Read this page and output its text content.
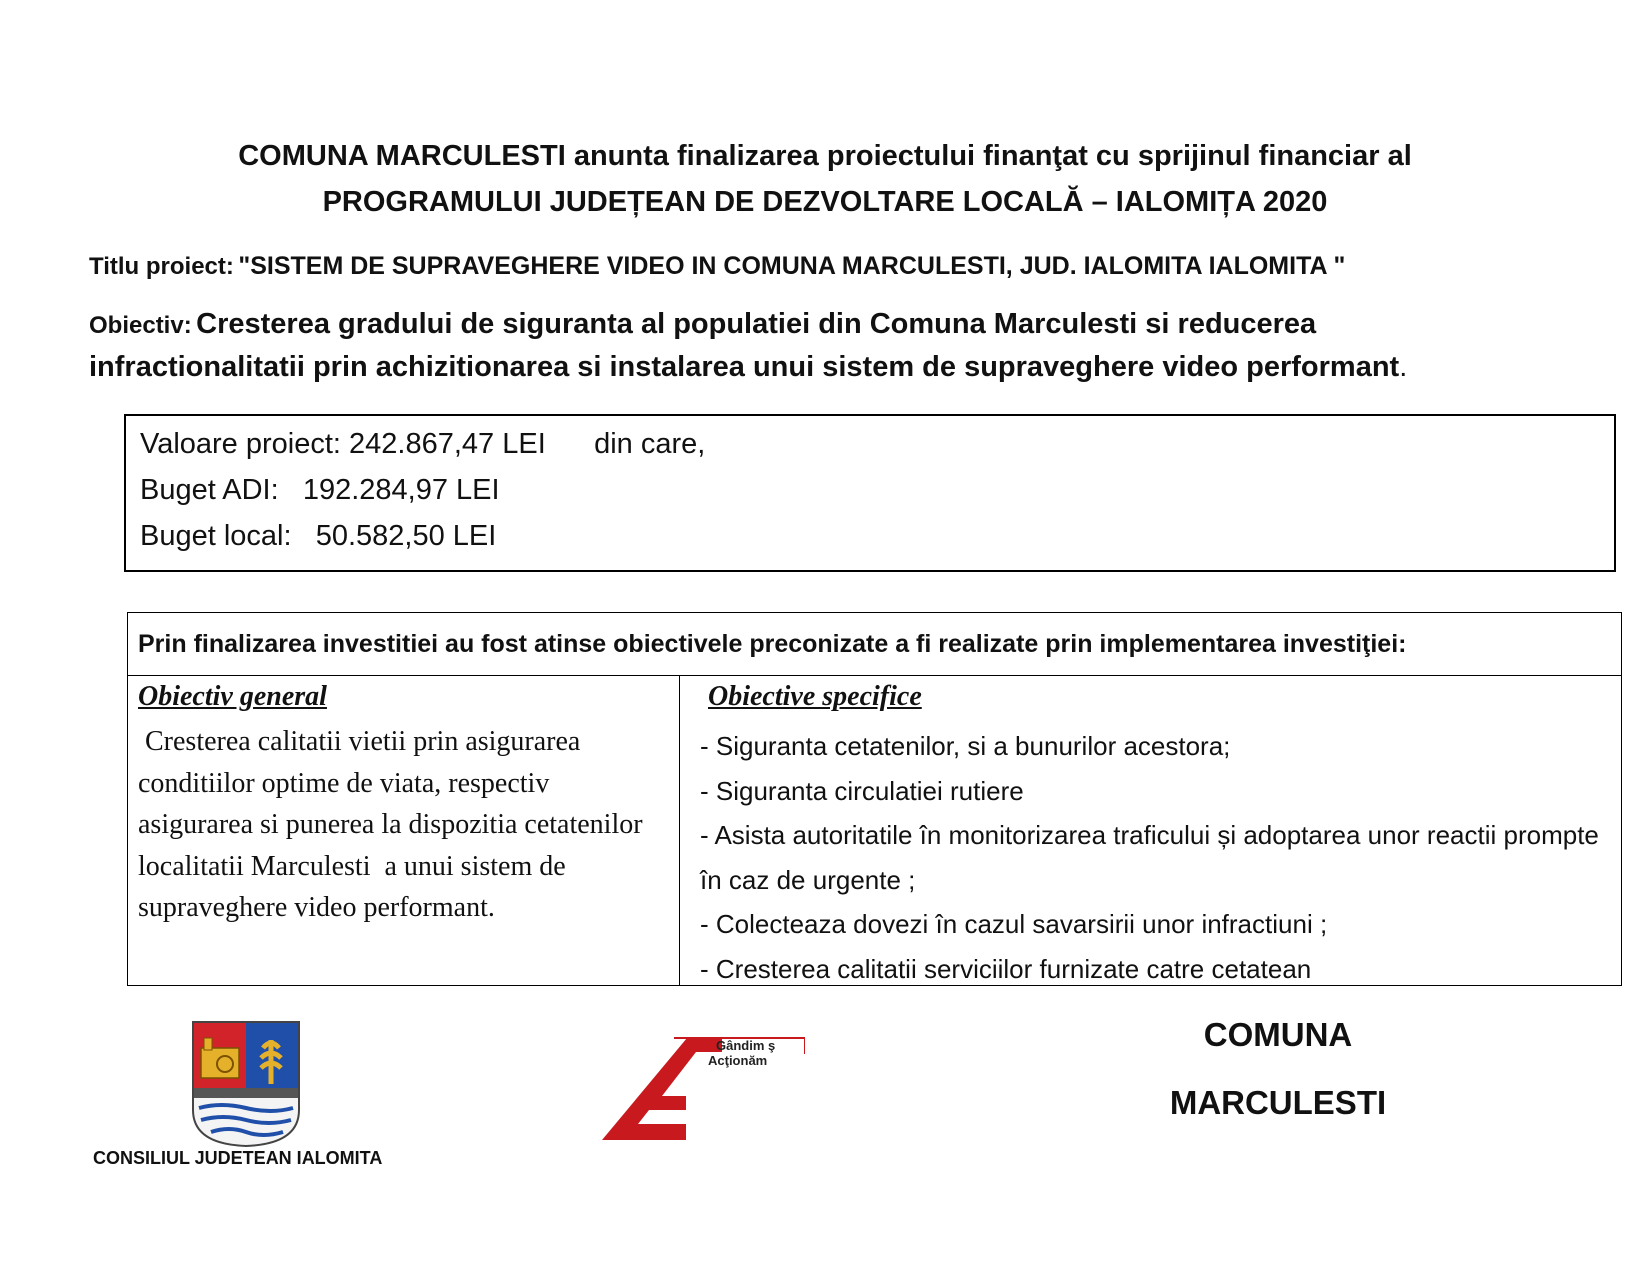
COMUNA MARCULESTI anunta finalizarea proiectului finanţat cu sprijinul financiar al
PROGRAMULUI JUDEȚEAN DE DEZVOLTARE LOCALĂ – IALOMIȚA 2020
Titlu proiect: "SISTEM DE SUPRAVEGHERE VIDEO IN COMUNA MARCULESTI, JUD. IALOMITA IALOMITA "
Obiectiv: Cresterea gradului de siguranta al populatiei din Comuna Marculesti si reducerea
infractionalitatii prin achizitionarea si instalarea unui sistem de supraveghere video performant.
Valoare proiect: 242.867,47 LEI      din care,
Buget ADI:   192.284,97 LEI
Buget local:   50.582,50 LEI
Prin finalizarea investitiei au fost atinse obiectivele preconizate a fi realizate prin implementarea investiţiei:
Obiectiv general
Cresterea calitatii vietii prin asigurarea conditiilor optime de viata, respectiv asigurarea si punerea la dispozitia cetatenilor localitatii Marculesti  a unui sistem de supraveghere video performant.
Obiective specifice
- Siguranta cetatenilor, si a bunurilor acestora;
- Siguranta circulatiei rutiere
- Asista autoritatile în monitorizarea traficului și adoptarea unor reactii prompte în caz de urgente ;
- Colecteaza dovezi în cazul savarsirii unor infractiuni ;
- Cresterea calitatii serviciilor furnizate catre cetatean
CONSILIUL JUDETEAN IALOMITA
Gândim ş
Acţionăm
COMUNA
MARCULESTI
